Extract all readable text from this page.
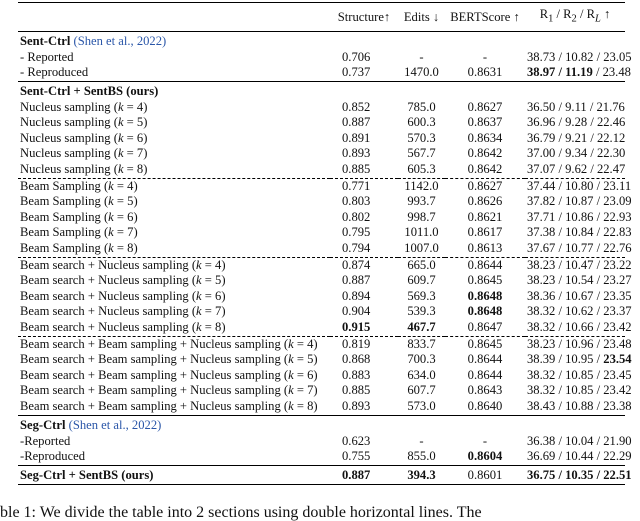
	Structure↑	Edits ↓	BERTScore ↑	$R_1 / R_2 / R_L$ ↑
Sent-Ctrl (Shen et al., 2022)				
- Reported	0.706	-	-	38.73 / 10.82 / 23.05
- Reproduced	0.737	1470.0	0.8631	38.97 / 11.19 / 23.48
Sent-Ctrl + SentBS (ours)				
Nucleus sampling (k = 4)	0.852	785.0	0.8627	36.50 / 9.11 / 21.76
Nucleus sampling (k = 5)	0.887	600.3	0.8637	36.96 / 9.28 / 22.46
Nucleus sampling (k = 6)	0.891	570.3	0.8634	36.79 / 9.21 / 22.12
Nucleus sampling (k = 7)	0.893	567.7	0.8642	37.00 / 9.34 / 22.30
Nucleus sampling (k = 8)	0.885	605.3	0.8642	37.07 / 9.62 / 22.47
Beam Sampling (k = 4)	0.771	1142.0	0.8627	37.44 / 10.80 / 23.11
Beam Sampling (k = 5)	0.803	993.7	0.8626	37.82 / 10.87 / 23.09
Beam Sampling (k = 6)	0.802	998.7	0.8621	37.71 / 10.86 / 22.93
Beam Sampling (k = 7)	0.795	1011.0	0.8617	37.38 / 10.84 / 22.83
Beam Sampling (k = 8)	0.794	1007.0	0.8613	37.67 / 10.77 / 22.76
Beam search + Nucleus sampling (k = 4)	0.874	665.0	0.8644	38.23 / 10.47 / 23.22
Beam search + Nucleus sampling (k = 5)	0.887	609.7	0.8645	38.23 / 10.54 / 23.27
Beam search + Nucleus sampling (k = 6)	0.894	569.3	0.8648	38.36 / 10.67 / 23.35
Beam search + Nucleus sampling (k = 7)	0.904	539.3	0.8648	38.32 / 10.62 / 23.37
Beam search + Nucleus sampling (k = 8)	0.915	467.7	0.8647	38.32 / 10.66 / 23.42
Beam search + Beam sampling + Nucleus sampling (k = 4)	0.819	833.7	0.8645	38.23 / 10.96 / 23.48
Beam search + Beam sampling + Nucleus sampling (k = 5)	0.868	700.3	0.8644	38.39 / 10.95 / 23.54
Beam search + Beam sampling + Nucleus sampling (k = 6)	0.883	634.0	0.8644	38.32 / 10.85 / 23.45
Beam search + Beam sampling + Nucleus sampling (k = 7)	0.885	607.7	0.8643	38.32 / 10.85 / 23.42
Beam search + Beam sampling + Nucleus sampling (k = 8)	0.893	573.0	0.8640	38.43 / 10.88 / 23.38
Seg-Ctrl (Shen et al., 2022)				
-Reported	0.623	-	-	36.38 / 10.04 / 21.90
-Reproduced	0.755	855.0	0.8604	36.69 / 10.44 / 22.29
Seg-Ctrl + SentBS (ours)	0.887	394.3	0.8601	36.75 / 10.35 / 22.51
ble 1: We divide the table into 2 sections using double horizontal lines. The
